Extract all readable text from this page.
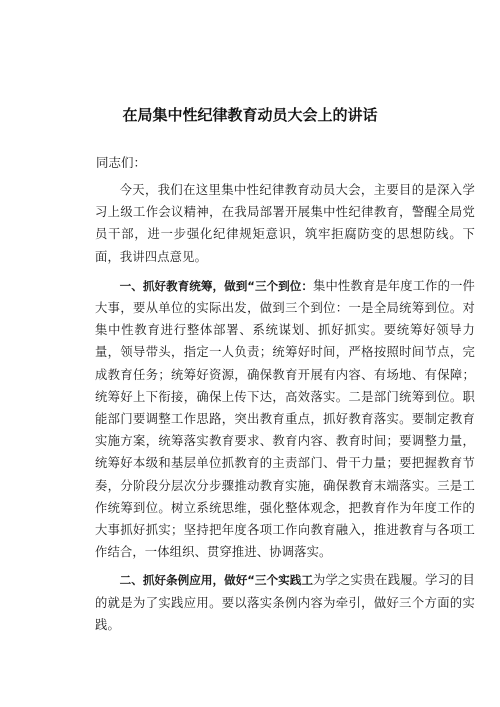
在局集中性纪律教育动员大会上的讲话

同志们：

今天，我们在这里集中性纪律教育动员大会，主要目的是深入学习上级工作会议精神，在我局部署开展集中性纪律教育，警醒全局党员干部，进一步强化纪律规矩意识，筑牢拒腐防变的思想防线。下面，我讲四点意见。

一、抓好教育统筹，做到“三个到位：集中性教育是年度工作的一件大事，要从单位的实际出发，做到三个到位：一是全局统筹到位。对集中性教育进行整体部署、系统谋划、抓好抓实。要统筹好领导力量，领导带头，指定一人负责；统筹好时间，严格按照时间节点，完成教育任务；统筹好资源，确保教育开展有内容、有场地、有保障；统筹好上下衔接，确保上传下达，高效落实。二是部门统筹到位。职能部门要调整工作思路，突出教育重点，抓好教育落实。要制定教育实施方案，统筹落实教育要求、教育内容、教育时间；要调整力量，统筹好本级和基层单位抓教育的主责部门、骨干力量；要把握教育节奏，分阶段分层次分步骤推动教育实施，确保教育末端落实。三是工作统筹到位。树立系统思维，强化整体观念，把教育作为年度工作的大事抓好抓实；坚持把年度各项工作向教育融入，推进教育与各项工作结合，一体组织、贯穿推进、协调落实。

二、抓好条例应用，做好“三个实践工为学之实贵在践履。学习的目的就是为了实践应用。要以落实条例内容为牵引，做好三个方面的实践。
